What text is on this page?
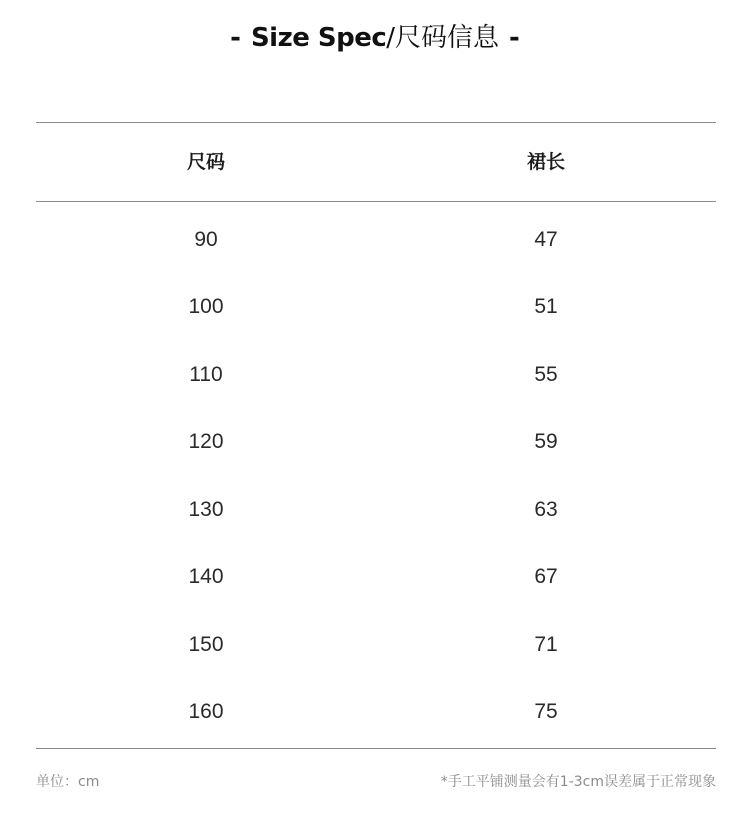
- Size Spec/尺码信息 -
尺码	裙长
90	47
100	51
110	55
120	59
130	63
140	67
150	71
160	75
单位：cm	*手工平铺测量会有1-3cm误差属于正常现象
